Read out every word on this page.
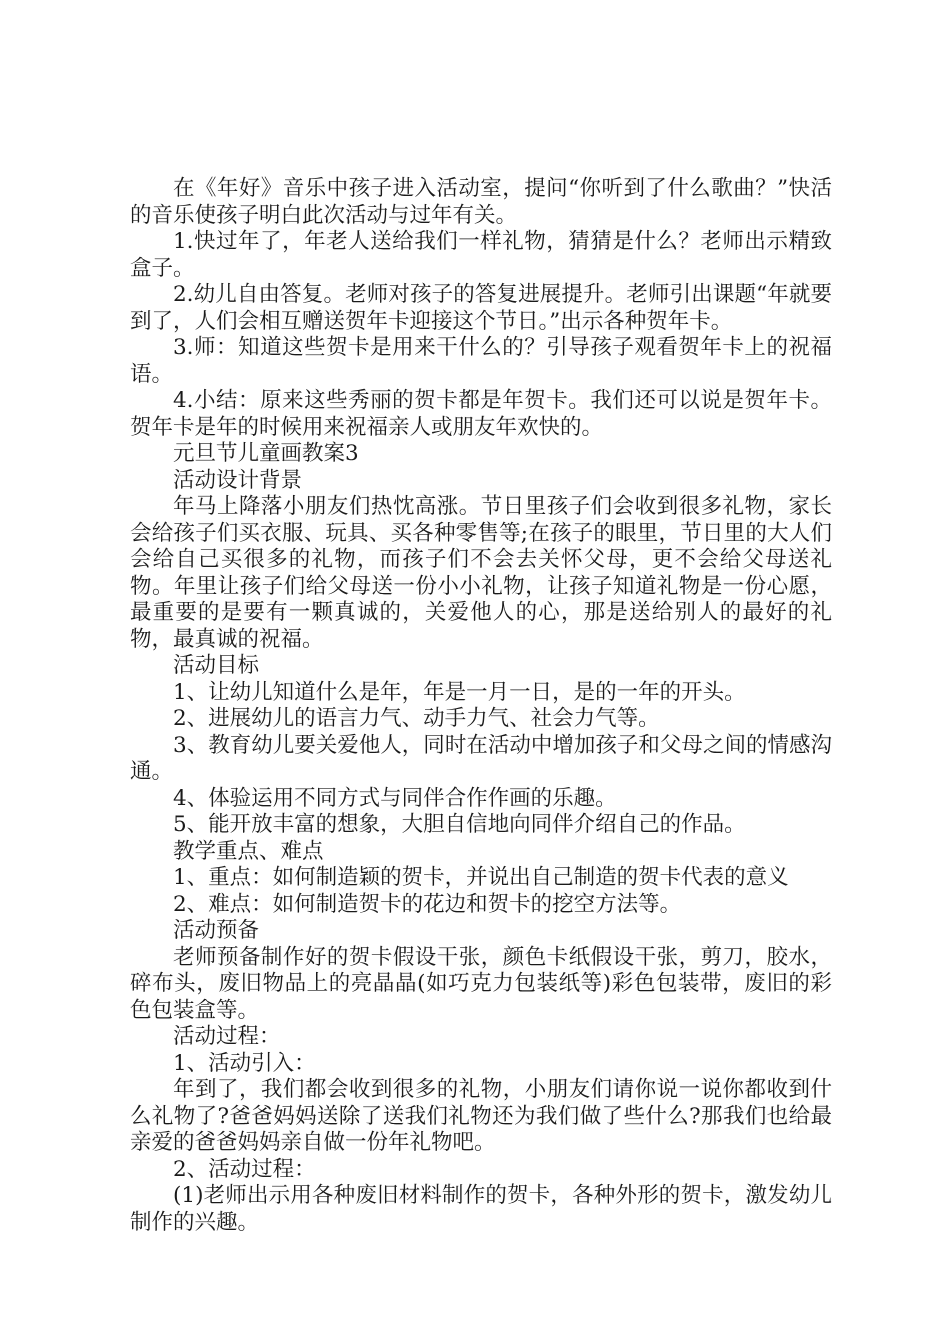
在《年好》音乐中孩子进入活动室，提问“你听到了什么歌曲？”快活的音乐使孩子明白此次活动与过年有关。

1.快过年了，年老人送给我们一样礼物，猜猜是什么？老师出示精致盒子。

2.幼儿自由答复。老师对孩子的答复进展提升。老师引出课题“年就要到了，人们会相互赠送贺年卡迎接这个节日。”出示各种贺年卡。

3.师：知道这些贺卡是用来干什么的？引导孩子观看贺年卡上的祝福语。

4.小结：原来这些秀丽的贺卡都是年贺卡。我们还可以说是贺年卡。贺年卡是年的时候用来祝福亲人或朋友年欢快的。

元旦节儿童画教案3

活动设计背景

年马上降落小朋友们热忱高涨。节日里孩子们会收到很多礼物，家长会给孩子们买衣服、玩具、买各种零售等;在孩子的眼里，节日里的大人们会给自己买很多的礼物，而孩子们不会去关怀父母，更不会给父母送礼物。年里让孩子们给父母送一份小小礼物，让孩子知道礼物是一份心愿，最重要的是要有一颗真诚的，关爱他人的心，那是送给别人的最好的礼物，最真诚的祝福。

活动目标

1、让幼儿知道什么是年，年是一月一日，是的一年的开头。

2、进展幼儿的语言力气、动手力气、社会力气等。

3、教育幼儿要关爱他人，同时在活动中增加孩子和父母之间的情感沟通。

4、体验运用不同方式与同伴合作作画的乐趣。

5、能开放丰富的想象，大胆自信地向同伴介绍自己的作品。

教学重点、难点

1、重点：如何制造颖的贺卡，并说出自己制造的贺卡代表的意义

2、难点：如何制造贺卡的花边和贺卡的挖空方法等。

活动预备

老师预备制作好的贺卡假设干张，颜色卡纸假设干张，剪刀，胶水，碎布头，废旧物品上的亮晶晶(如巧克力包装纸等)彩色包装带，废旧的彩色包装盒等。

活动过程：

1、活动引入：

年到了，我们都会收到很多的礼物，小朋友们请你说一说你都收到什么礼物了?爸爸妈妈送除了送我们礼物还为我们做了些什么?那我们也给最亲爱的爸爸妈妈亲自做一份年礼物吧。

2、活动过程：

(1)老师出示用各种废旧材料制作的贺卡，各种外形的贺卡，激发幼儿制作的兴趣。
